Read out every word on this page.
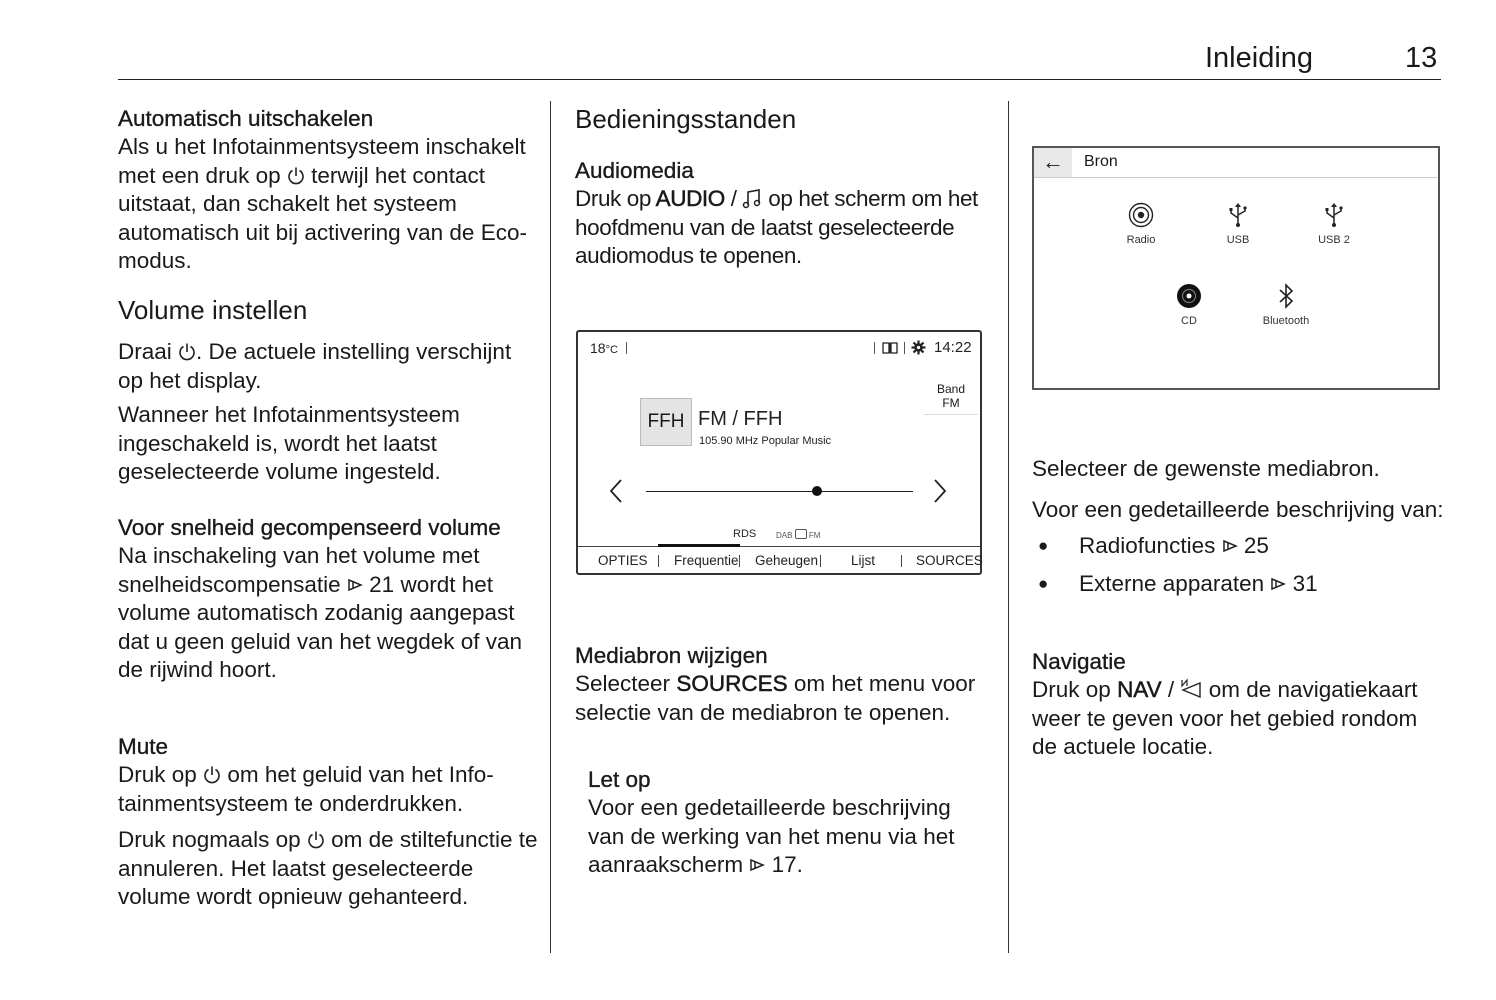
Inleiding	13
Automatisch uitschakelen
Als u het Infotainmentsysteem inschakelt met een druk op terwijl het contact uitstaat, dan schakelt het systeem automatisch uit bij activering van de Eco-modus.
Volume instellen
Draai . De actuele instelling verschijnt op het display.
Wanneer het Infotainmentsysteem ingeschakeld is, wordt het laatst geselecteerde volume ingesteld.
Voor snelheid gecompenseerd volume
Na inschakeling van het volume met snelheidscompensatie 21 wordt het volume automatisch zodanig aangepast dat u geen geluid van het wegdek of van de rijwind hoort.
Mute
Druk op om het geluid van het Infotainmentsysteem te onderdrukken.
Druk nogmaals op om de stiltefunctie te annuleren. Het laatst geselecteerde volume wordt opnieuw gehanteerd.
Bedieningsstanden
Audiomedia
Druk op AUDIO /  op het scherm om het hoofdmenu van de laatst geselecteerde audiomodus te openen.
18°C	14:22
Band
FM
FFH FM / FFH
105.90 MHz Popular Music
RDS DAB FM
OPTIES Frequentie Geheugen Lijst	SOURCES
Mediabron wijzigen
Selecteer SOURCES om het menu voor selectie van de mediabron te openen.
Let op
Voor een gedetailleerde beschrijving van de werking van het menu via het aanraakscherm 17.
←	Bron
Radio	USB	USB 2
CD	Bluetooth
Selecteer de gewenste mediabron.
Voor een gedetailleerde beschrijving van:
● Radiofuncties 25
● Externe apparaten 31
Navigatie
Druk op NAV /  om de navigatiekaart weer te geven voor het gebied rondom de actuele locatie.
